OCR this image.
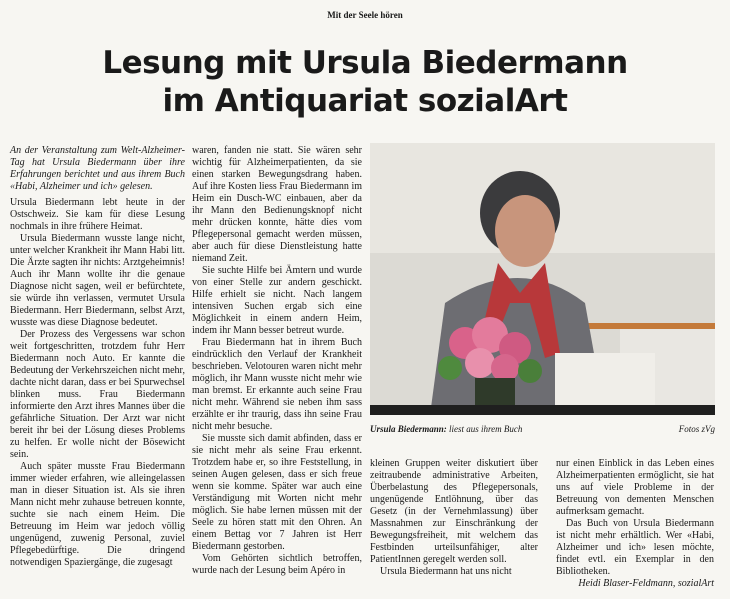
Mit der Seele hören
Lesung mit Ursula Biedermann
im Antiquariat sozialArt

An der Veranstaltung zum Welt-Alzheimer-Tag hat Ursula Biedermann über ihre Erfahrungen berichtet und aus ihrem Buch «Habi, Alzheimer und ich» gelesen.

Ursula Biedermann lebt heute in der Ostschweiz. Sie kam für diese Lesung nochmals in ihre frühere Heimat.

Ursula Biedermann wusste lange nicht, unter welcher Krankheit ihr Mann Habi litt. Die Ärzte sagten ihr nichts: Arztgeheimnis! Auch ihr Mann wollte ihr die genaue Diagnose nicht sagen, weil er befürchtete, sie würde ihn verlassen, vermutet Ursula Biedermann. Herr Biedermann, selbst Arzt, wusste was diese Diagnose bedeutet.

Der Prozess des Vergessens war schon weit fortgeschritten, trotzdem fuhr Herr Biedermann noch Auto. Er kannte die Bedeutung der Verkehrszeichen nicht mehr, dachte nicht daran, dass er bei Spurwechsel blinken muss. Frau Biedermann informierte den Arzt ihres Mannes über die gefährliche Situation. Der Arzt war nicht bereit ihr bei der Lösung dieses Problems zu helfen. Er wolle nicht der Bösewicht sein.

Auch später musste Frau Biedermann immer wieder erfahren, wie alleingelassen man in dieser Situation ist. Als sie ihren Mann nicht mehr zuhause betreuen konnte, suchte sie nach einem Heim. Die Betreuung im Heim war jedoch völlig ungenügend, zuwenig Personal, zuviel Pflegebedürftige. Die dringend notwendigen Spaziergänge, die zugesagt

waren, fanden nie statt. Sie wären sehr wichtig für Alzheimerpatienten, da sie einen starken Bewegungsdrang haben. Auf ihre Kosten liess Frau Biedermann im Heim ein Dusch-WC einbauen, aber da ihr Mann den Bedienungsknopf nicht mehr drücken konnte, hätte dies vom Pflegepersonal gemacht werden müssen, aber auch für diese Dienstleistung hatte niemand Zeit.

Sie suchte Hilfe bei Ämtern und wurde von einer Stelle zur andern geschickt. Hilfe erhielt sie nicht. Nach langem intensiven Suchen ergab sich eine Möglichkeit in einem andern Heim, indem ihr Mann besser betreut wurde.

Frau Biedermann hat in ihrem Buch eindrücklich den Verlauf der Krankheit beschrieben. Velotouren waren nicht mehr möglich, ihr Mann wusste nicht mehr wie man bremst. Er erkannte auch seine Frau nicht mehr. Während sie neben ihm sass erzählte er ihr traurig, dass ihn seine Frau nicht mehr besuche.

Sie musste sich damit abfinden, dass er sie nicht mehr als seine Frau erkennt. Trotzdem habe er, so ihre Feststellung, in seinen Augen gelesen, dass er sich freue wenn sie komme. Später war auch eine Verständigung mit Worten nicht mehr möglich. Sie habe lernen müssen mit der Seele zu hören statt mit den Ohren. An einem Bettag vor 7 Jahren ist Herr Biedermann gestorben.

Vom Gehörten sichtlich betroffen, wurde nach der Lesung beim Apéro in

Ursula Biedermann: liest aus ihrem Buch	Fotos zVg

kleinen Gruppen weiter diskutiert über zeitraubende administrative Arbeiten, Überbelastung des Pflegepersonals, ungenügende Entlöhnung, über das Gesetz (in der Vernehmlassung) über Massnahmen zur Einschränkung der Bewegungsfreiheit, mit welchem das Festbinden urteilsunfähiger, alter PatientInnen geregelt werden soll.

Ursula Biedermann hat uns nicht

nur einen Einblick in das Leben eines Alzheimerpatienten ermöglicht, sie hat uns auf viele Probleme in der Betreuung von dementen Menschen aufmerksam gemacht.

Das Buch von Ursula Biedermann ist nicht mehr erhältlich. Wer «Habi, Alzheimer und ich» lesen möchte, findet evtl. ein Exemplar in den Bibliotheken.

Heidi Blaser-Feldmann, sozialArt
